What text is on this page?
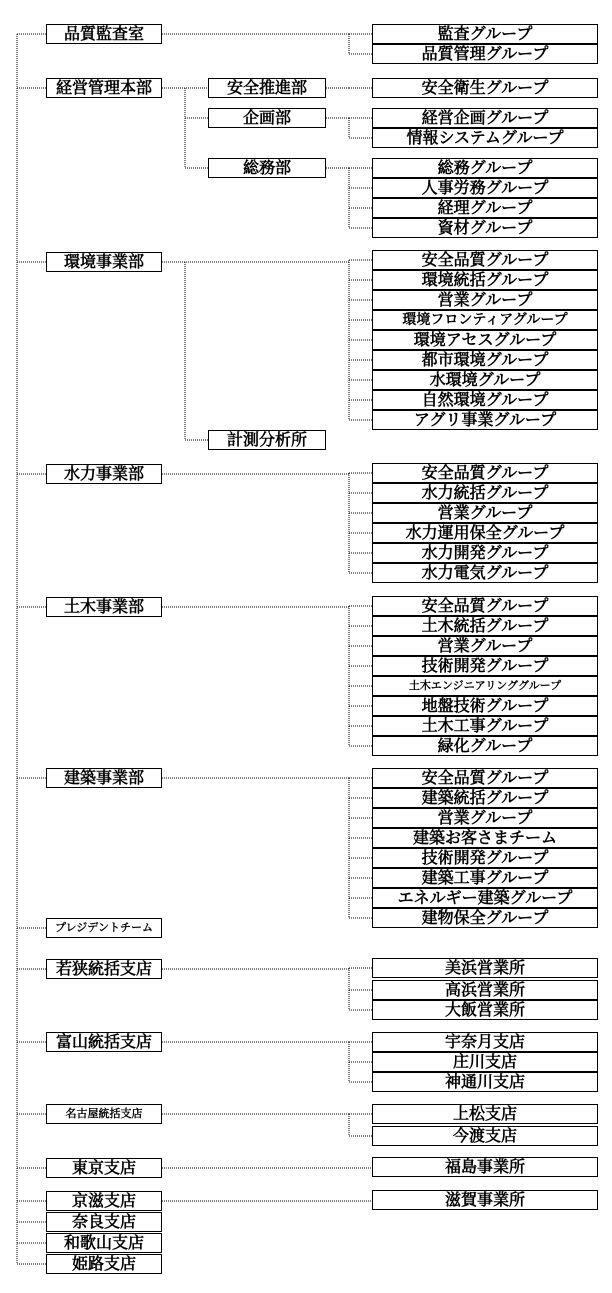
品質監査室
経営管理本部
環境事業部
水力事業部
土木事業部
建築事業部
プレジデントチーム
若狭統括支店
富山統括支店
名古屋統括支店
東京支店
京滋支店
奈良支店
和歌山支店
姫路支店
安全推進部
企画部
総務部
計測分析所
監査グループ
品質管理グループ
安全衛生グループ
経営企画グループ
情報システムグループ
総務グループ
人事労務グループ
経理グループ
資材グループ
安全品質グループ
環境統括グループ
営業グループ
環境フロンティアグループ
環境アセスグループ
都市環境グループ
水環境グループ
自然環境グループ
アグリ事業グループ
安全品質グループ
水力統括グループ
営業グループ
水力運用保全グループ
水力開発グループ
水力電気グループ
安全品質グループ
土木統括グループ
営業グループ
技術開発グループ
土木エンジニアリンググループ
地盤技術グループ
土木工事グループ
緑化グループ
安全品質グループ
建築統括グループ
営業グループ
建築お客さまチーム
技術開発グループ
建築工事グループ
エネルギー建築グループ
建物保全グループ
美浜営業所
高浜営業所
大飯営業所
宇奈月支店
庄川支店
神通川支店
上松支店
今渡支店
福島事業所
滋賀事業所
